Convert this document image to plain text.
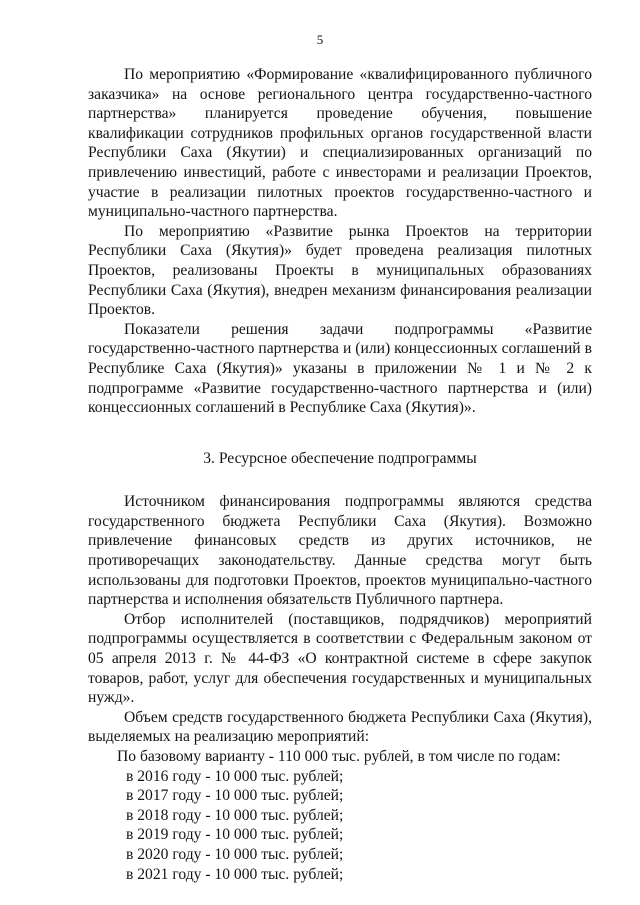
5

По мероприятию «Формирование «квалифицированного публичного заказчика» на основе регионального центра государственно-частного партнерства» планируется проведение обучения, повышение квалификации сотрудников профильных органов государственной власти Республики Саха (Якутии) и специализированных организаций по привлечению инвестиций, работе с инвесторами и реализации Проектов, участие в реализации пилотных проектов государственно-частного и муниципально-частного партнерства.

По мероприятию «Развитие рынка Проектов на территории Республики Саха (Якутия)» будет проведена реализация пилотных Проектов, реализованы Проекты в муниципальных образованиях Республики Саха (Якутия), внедрен механизм финансирования реализации Проектов.

Показатели решения задачи подпрограммы «Развитие государственно-частного партнерства и (или) концессионных соглашений в Республике Саха (Якутия)» указаны в приложении № 1 и № 2 к подпрограмме «Развитие государственно-частного партнерства и (или) концессионных соглашений в Республике Саха (Якутия)».

3. Ресурсное обеспечение подпрограммы

Источником финансирования подпрограммы являются средства государственного бюджета Республики Саха (Якутия). Возможно привлечение финансовых средств из других источников, не противоречащих законодательству. Данные средства могут быть использованы для подготовки Проектов, проектов муниципально-частного партнерства и исполнения обязательств Публичного партнера.

Отбор исполнителей (поставщиков, подрядчиков) мероприятий подпрограммы осуществляется в соответствии с Федеральным законом от 05 апреля 2013 г. № 44-ФЗ «О контрактной системе в сфере закупок товаров, работ, услуг для обеспечения государственных и муниципальных нужд».

Объем средств государственного бюджета Республики Саха (Якутия), выделяемых на реализацию мероприятий:

По базовому варианту - 110 000 тыс. рублей, в том числе по годам:

в 2016 году - 10 000 тыс. рублей;

в 2017 году - 10 000 тыс. рублей;

в 2018 году - 10 000 тыс. рублей;

в 2019 году - 10 000 тыс. рублей;

в 2020 году - 10 000 тыс. рублей;

в 2021 году - 10 000 тыс. рублей;
